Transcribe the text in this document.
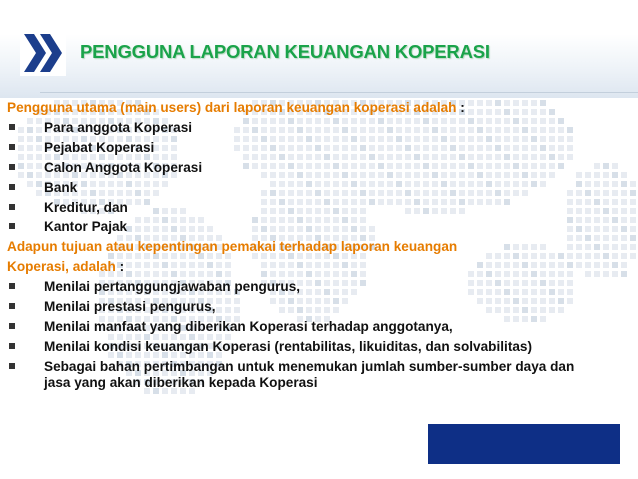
PENGGUNA LAPORAN KEUANGAN KOPERASI

Pengguna utama (main users) dari laporan keuangan koperasi adalah :

Para anggota Koperasi
Pejabat Koperasi
Calon Anggota Koperasi
Bank
Kreditur, dan
Kantor Pajak

Adapun tujuan atau kepentingan pemakai terhadap laporan keuangan

Koperasi, adalah :

Menilai pertanggungjawaban pengurus,
Menilai prestasi pengurus,
Menilai manfaat yang diberikan Koperasi terhadap anggotanya,
Menilai kondisi keuangan Koperasi (rentabilitas, likuiditas, dan solvabilitas)
Sebagai bahan pertimbangan untuk menemukan jumlah sumber-sumber daya dan jasa yang akan diberikan kepada Koperasi
